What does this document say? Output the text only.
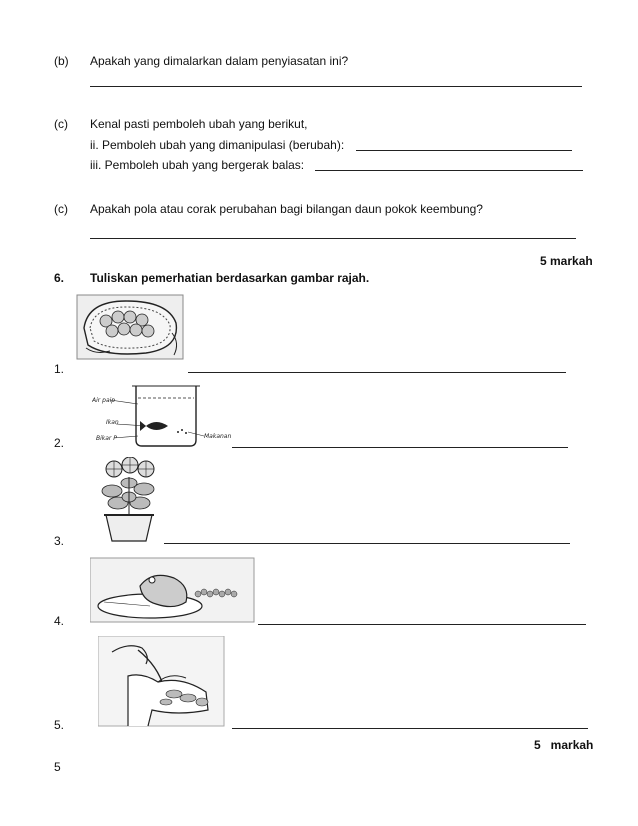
(b) Apakah yang dimalarkan dalam penyiasatan ini?
(c) Kenal pasti pemboleh ubah yang berikut,
ii. Pemboleh ubah yang dimanipulasi (berubah):
iii. Pemboleh ubah yang bergerak balas:
(c) Apakah pola atau corak perubahan bagi bilangan daun pokok keembung?
5 markah
6. Tuliskan pemerhatian berdasarkan gambar rajah.
1.
Air paip
Ikan
Bikar P	Makanan
2.
3.
4.
5.
5   markah
5
